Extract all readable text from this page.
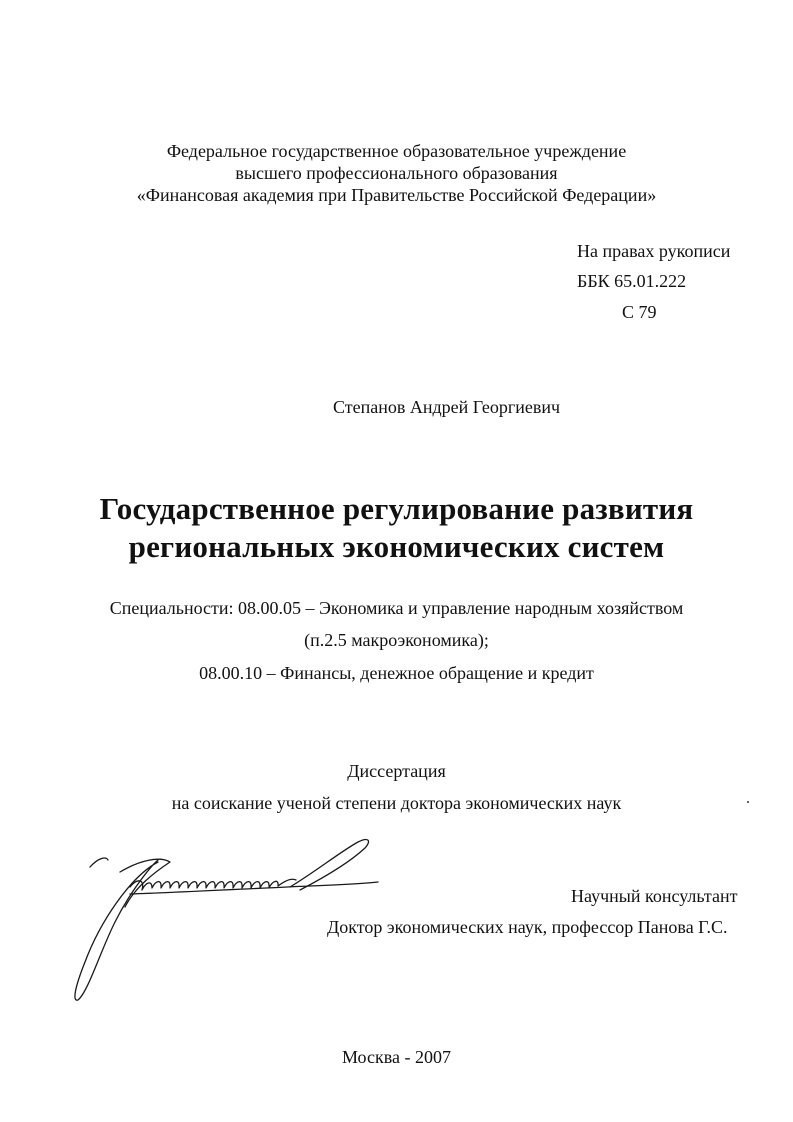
Федеральное государственное образовательное учреждение
высшего профессионального образования
«Финансовая академия при Правительстве Российской Федерации»
На правах рукописи
ББК 65.01.222
С 79
Степанов Андрей Георгиевич
Государственное регулирование развития
региональных экономических систем
Специальности: 08.00.05 – Экономика и управление народным хозяйством
(п.2.5 макроэкономика);
08.00.10 – Финансы, денежное обращение и кредит
Диссертация
на соискание ученой степени доктора экономических наук
Научный консультант
Доктор экономических наук, профессор Панова Г.С.
Москва - 2007
